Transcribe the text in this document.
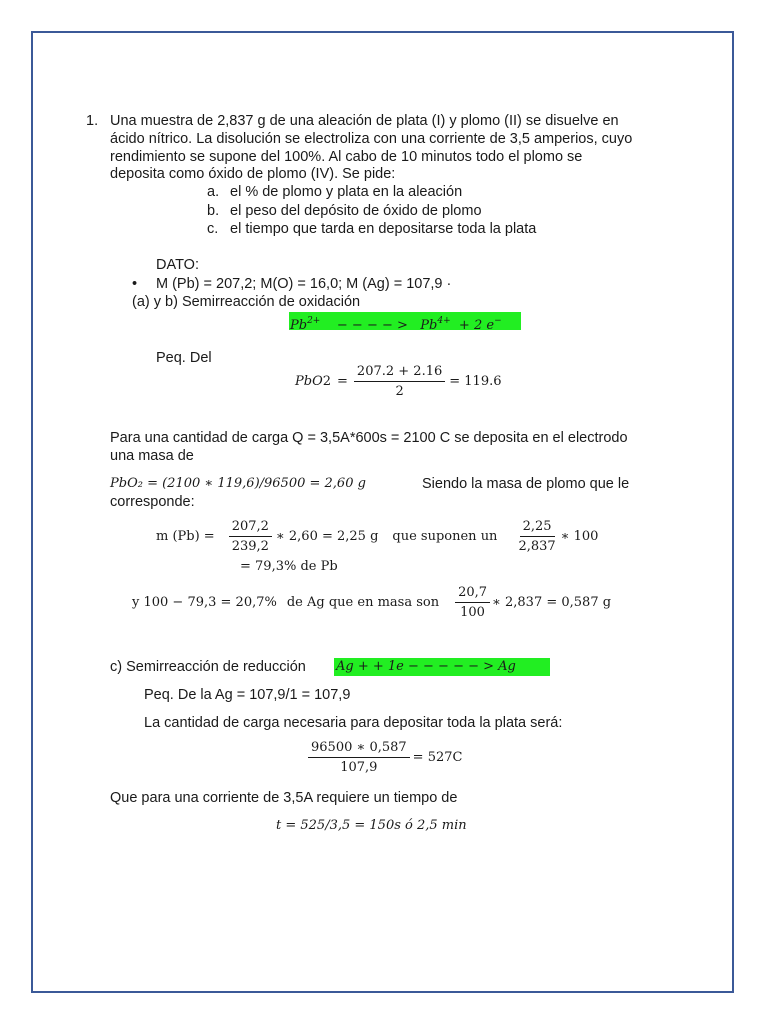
1. Una muestra de 2,837 g de una aleación de plata (I) y plomo (II) se disuelve en
ácido nítrico. La disolución se electroliza con una corriente de 3,5 amperios, cuyo
rendimiento se supone del 100%. Al cabo de 10 minutos todo el plomo se
deposita como óxido de plomo (IV). Se pide:
a. el % de plomo y plata en la aleación
b. el peso del depósito de óxido de plomo
c. el tiempo que tarda en depositarse toda la plata
DATO:
• M (Pb) = 207,2; M(O) = 16,0; M (Ag) = 107,9 ·
(a) y b) Semirreacción de oxidación
$Pb^{2+}$ − − − − > $Pb^{4+} + 2$ e−
Peq. Del
PbO $2 = \frac{207.2 + 2.16}{2} = 119.6$
Para una cantidad de carga Q = 3,5A*600s = 2100 C se deposita en el electrodo
una masa de
PbO₂ = (2100 ∗ 119,6)/96500 = 2,60 g	Siendo la masa de plomo que le
corresponde:
m $(Pb) = \frac{207,2}{239,2}$ ∗ 2,60 = 2,25 g que suponen un $\frac{2,25}{2,837}$ ∗ 100
= 79,3% de Pb
y 100 − 79,3 = 20,7% de Ag que en masa son $\frac{20,7}{100}$ ∗ 2,837 = 0,587 g
c) Semirreacción de reducción Ag + + 1e − − − − − > Ag
Peq. De la Ag = 107,9/1 = 107,9
La cantidad de carga necesaria para depositar toda la plata será:
$\frac{96500 ∗ 0,587}{107,9} = 527C$
Que para una corriente de 3,5A requiere un tiempo de
t = 525/3,5 = 150s ó 2,5 min
